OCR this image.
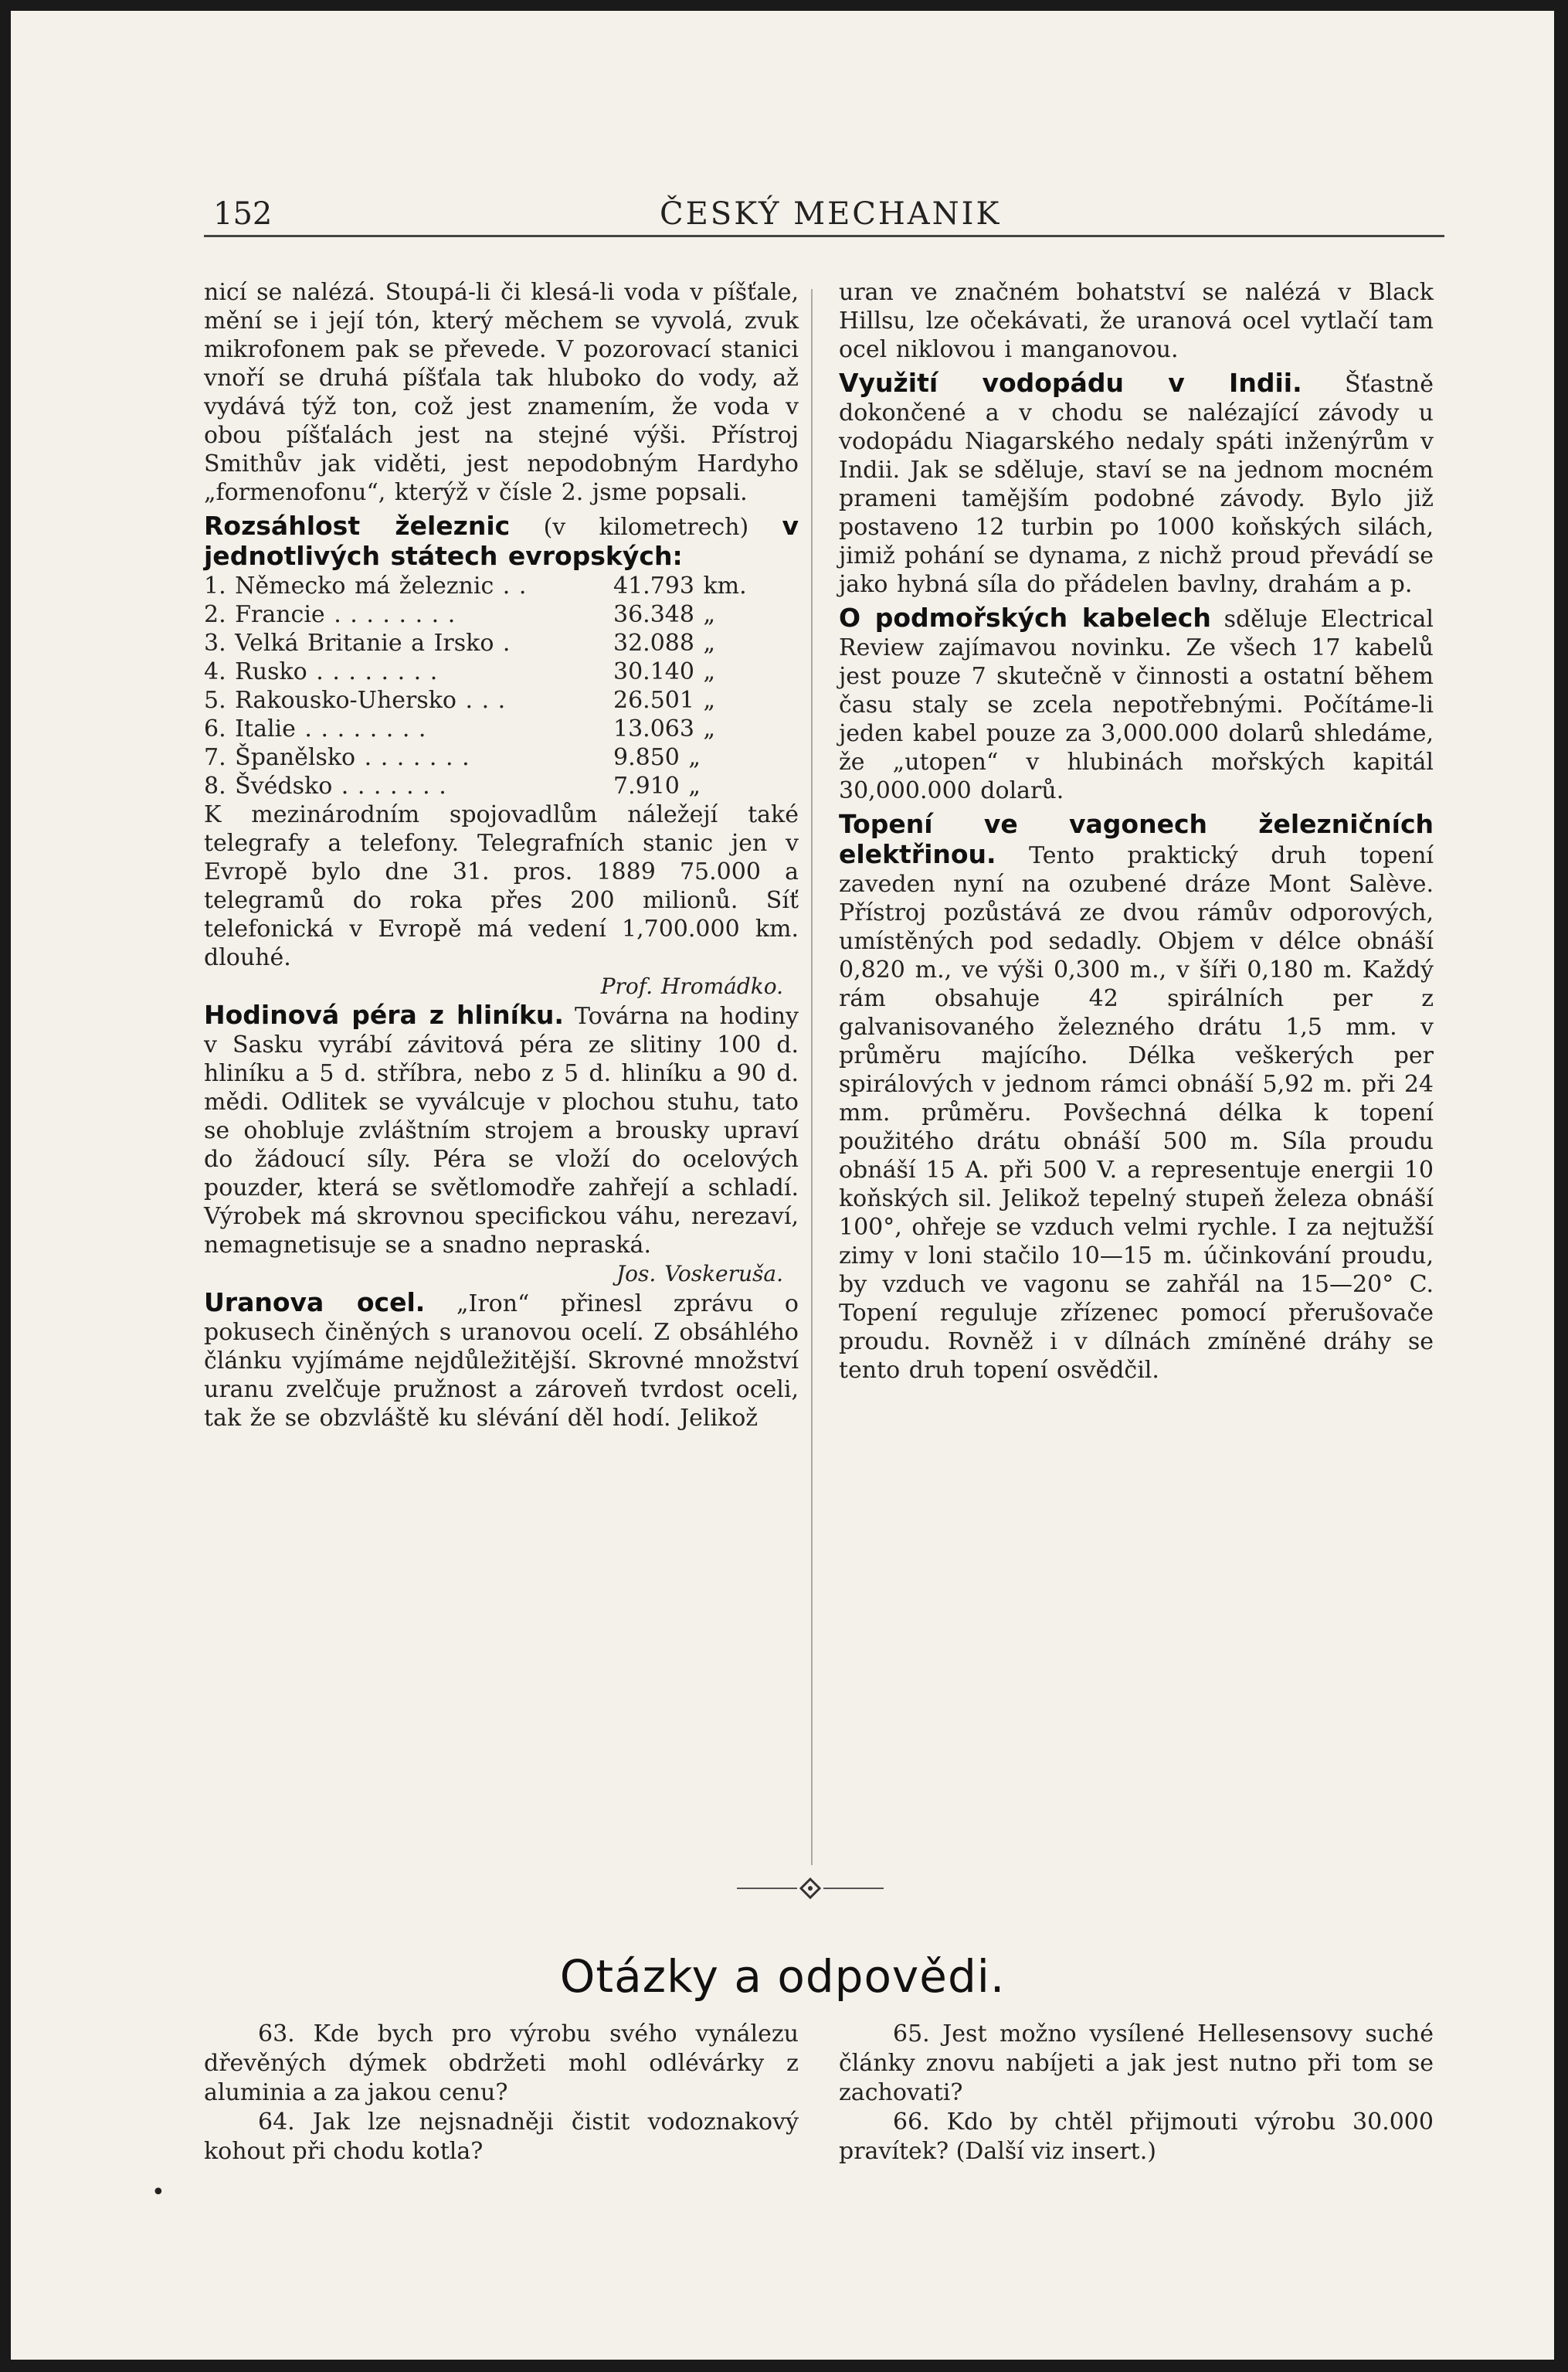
152	ČESKÝ MECHANIK

nicí se nalézá. Stoupá-li či klesá-li voda v píšťale, mění se i její tón, který měchem se vyvolá, zvuk mikrofonem pak se převede. V pozorovací stanici vnoří se druhá píšťala tak hluboko do vody, až vydává týž ton, což jest znamením, že voda v obou píšťalách jest na stejné výši. Přístroj Smithův jak viděti, jest nepodobným Hardyho „formenofonu“, kterýž v čísle 2. jsme popsali.

Rozsáhlost železnic (v kilometrech) v jednotlivých státech evropských:

1. Německo má železnic . .	41.793 km.
2. Francie . . . . . . . .	36.348 „
3. Velká Britanie a Irsko .	32.088 „
4. Rusko . . . . . . . .	30.140 „
5. Rakousko-Uhersko . . .	26.501 „
6. Italie . . . . . . . .	13.063 „
7. Španělsko . . . . . . .	9.850 „
8. Švédsko . . . . . . .	7.910 „

K mezinárodním spojovadlům náležejí také telegrafy a telefony. Telegrafních stanic jen v Evropě bylo dne 31. pros. 1889 75.000 a telegramů do roka přes 200 milionů. Síť telefonická v Evropě má vedení 1,700.000 km. dlouhé.

Prof. Hromádko.

Hodinová péra z hliníku. Továrna na hodiny v Sasku vyrábí závitová péra ze slitiny 100 d. hliníku a 5 d. stříbra, nebo z 5 d. hliníku a 90 d. mědi. Odlitek se vyválcuje v plochou stuhu, tato se ohobluje zvláštním strojem a brousky upraví do žádoucí síly. Péra se vloží do ocelových pouzder, která se světlomodře zahřejí a schladí. Výrobek má skrovnou specifickou váhu, nerezaví, nemagnetisuje se a snadno nepraská.

Jos. Voskeruša.

Uranova ocel. „Iron“ přinesl zprávu o pokusech činěných s uranovou ocelí. Z obsáhlého článku vyjímáme nejdůležitější. Skrovné množství uranu zvelčuje pružnost a zároveň tvrdost oceli, tak že se obzvláště ku slévání děl hodí. Jelikož

uran ve značném bohatství se nalézá v Black Hillsu, lze očekávati, že uranová ocel vytlačí tam ocel niklovou i manganovou.

Využití vodopádu v Indii. Šťastně dokončené a v chodu se nalézající závody u vodopádu Niagarského nedaly spáti inženýrům v Indii. Jak se sděluje, staví se na jednom mocném prameni tamějším podobné závody. Bylo již postaveno 12 turbin po 1000 koňských silách, jimiž pohání se dynama, z nichž proud převádí se jako hybná síla do přádelen bavlny, drahám a p.

O podmořských kabelech sděluje Electrical Review zajímavou novinku. Ze všech 17 kabelů jest pouze 7 skutečně v činnosti a ostatní během času staly se zcela nepotřebnými. Počítáme-li jeden kabel pouze za 3,000.000 dolarů shledáme, že „utopen“ v hlubinách mořských kapitál 30,000.000 dolarů.

Topení ve vagonech železničních elektřinou. Tento praktický druh topení zaveden nyní na ozubené dráze Mont Salève. Přístroj pozůstává ze dvou rámův odporových, umístěných pod sedadly. Objem v délce obnáší 0,820 m., ve výši 0,300 m., v šíři 0,180 m. Každý rám obsahuje 42 spirálních per z galvanisovaného železného drátu 1,5 mm. v průměru majícího. Délka veškerých per spirálových v jednom rámci obnáší 5,92 m. při 24 mm. průměru. Povšechná délka k topení použitého drátu obnáší 500 m. Síla proudu obnáší 15 A. při 500 V. a representuje energii 10 koňských sil. Jelikož tepelný stupeň železa obnáší 100°, ohřeje se vzduch velmi rychle. I za nejtužší zimy v loni stačilo 10—15 m. účinkování proudu, by vzduch ve vagonu se zahřál na 15—20° C. Topení reguluje zřízenec pomocí přerušovače proudu. Rovněž i v dílnách zmíněné dráhy se tento druh topení osvědčil.

Otázky a odpovědi.

63. Kde bych pro výrobu svého vynálezu dřevěných dýmek obdržeti mohl odlévárky z aluminia a za jakou cenu?

64. Jak lze nejsnadněji čistit vodoznakový kohout při chodu kotla?

•

65. Jest možno vysílené Hellesensovy suché články znovu nabíjeti a jak jest nutno při tom se zachovati?

66. Kdo by chtěl přijmouti výrobu 30.000 pravítek? (Další viz insert.)
